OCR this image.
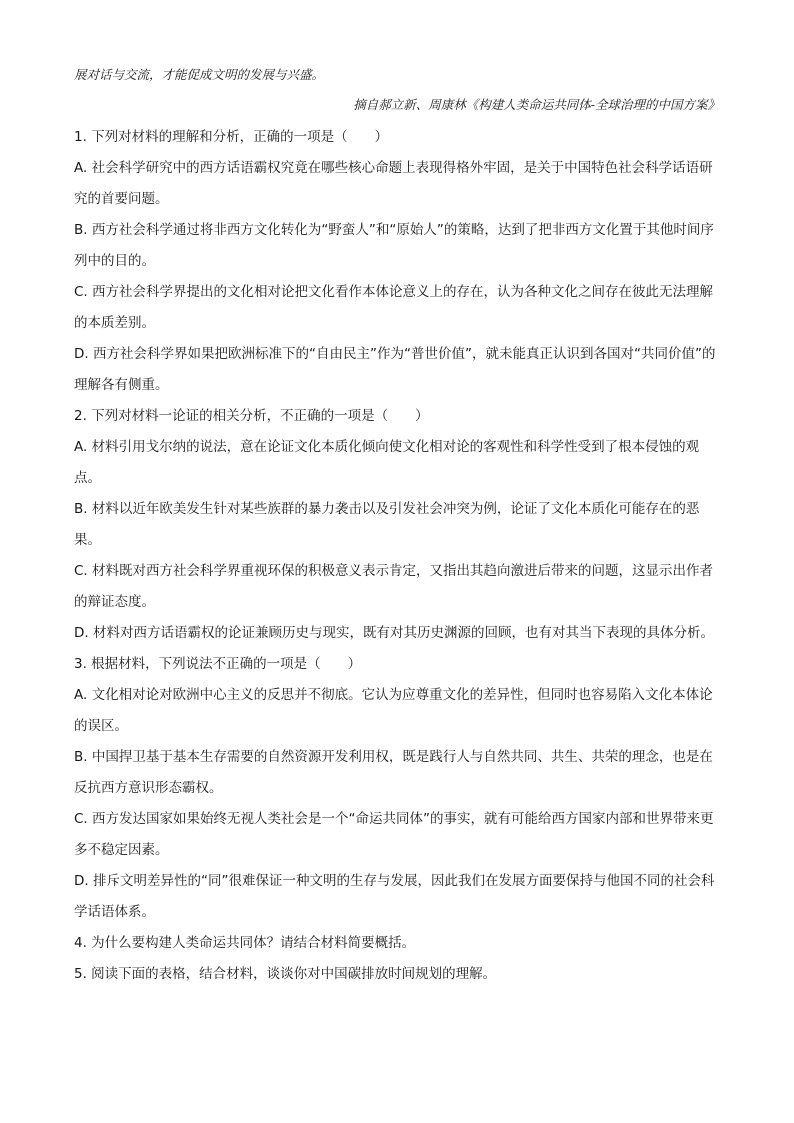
展对话与交流，才能促成文明的发展与兴盛。

摘自郝立新、周康林《构建人类命运共同体-全球治理的中国方案》

1. 下列对材料的理解和分析，正确的一项是（　　）

A. 社会科学研究中的西方话语霸权究竟在哪些核心命题上表现得格外牢固，是关于中国特色社会科学话语研究的首要问题。

B. 西方社会科学通过将非西方文化转化为“野蛮人”和“原始人”的策略，达到了把非西方文化置于其他时间序列中的目的。

C. 西方社会科学界提出的文化相对论把文化看作本体论意义上的存在，认为各种文化之间存在彼此无法理解的本质差别。

D. 西方社会科学界如果把欧洲标准下的“自由民主”作为“普世价值”，就未能真正认识到各国对“共同价值”的理解各有侧重。

2. 下列对材料一论证的相关分析，不正确的一项是（　　）

A. 材料引用戈尔纳的说法，意在论证文化本质化倾向使文化相对论的客观性和科学性受到了根本侵蚀的观点。

B. 材料以近年欧美发生针对某些族群的暴力袭击以及引发社会冲突为例，论证了文化本质化可能存在的恶果。

C. 材料既对西方社会科学界重视环保的积极意义表示肯定，又指出其趋向激进后带来的问题，这显示出作者的辩证态度。

D. 材料对西方话语霸权的论证兼顾历史与现实，既有对其历史渊源的回顾，也有对其当下表现的具体分析。

3. 根据材料，下列说法不正确的一项是（　　）

A. 文化相对论对欧洲中心主义的反思并不彻底。它认为应尊重文化的差异性，但同时也容易陷入文化本体论的误区。

B. 中国捍卫基于基本生存需要的自然资源开发利用权，既是践行人与自然共同、共生、共荣的理念，也是在反抗西方意识形态霸权。

C. 西方发达国家如果始终无视人类社会是一个“命运共同体”的事实，就有可能给西方国家内部和世界带来更多不稳定因素。

D. 排斥文明差异性的“同”很难保证一种文明的生存与发展，因此我们在发展方面要保持与他国不同的社会科学话语体系。

4. 为什么要构建人类命运共同体？请结合材料简要概括。

5. 阅读下面的表格，结合材料，谈谈你对中国碳排放时间规划的理解。
